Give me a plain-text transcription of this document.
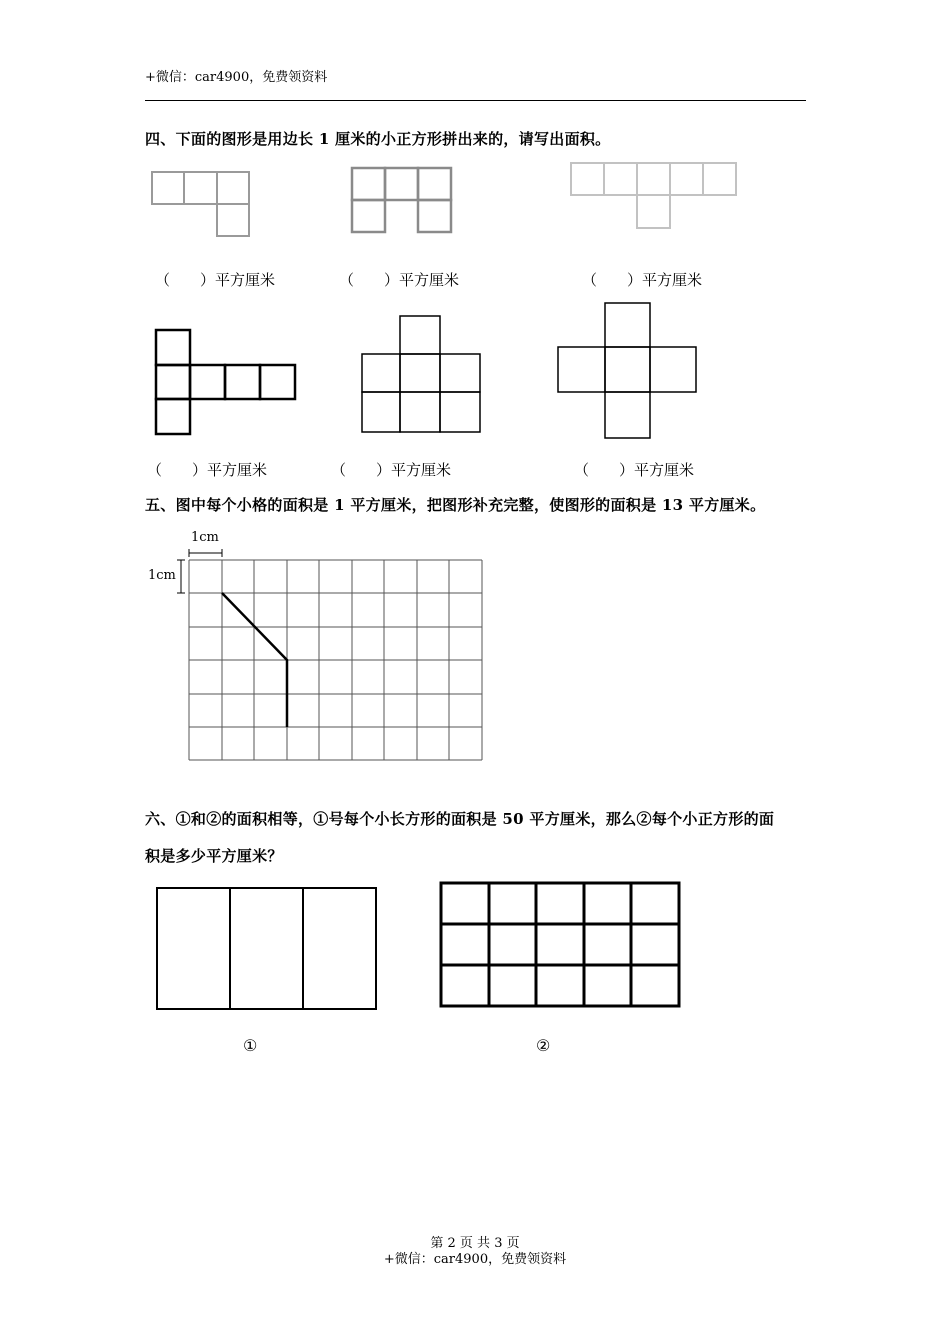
+微信：car4900，免费领资料
四、下面的图形是用边长 1 厘米的小正方形拼出来的，请写出面积。
（　　）平方厘米	（　　）平方厘米	（　　）平方厘米
（　　）平方厘米	（　　）平方厘米	（　　）平方厘米
五、图中每个小格的面积是 1 平方厘米，把图形补充完整，使图形的面积是 13 平方厘米。
1cm
1cm
六、①和②的面积相等，①号每个小长方形的面积是 50 平方厘米，那么②每个小正方形的面
积是多少平方厘米？
①	②
第 2 页 共 3 页
+微信：car4900，免费领资料
